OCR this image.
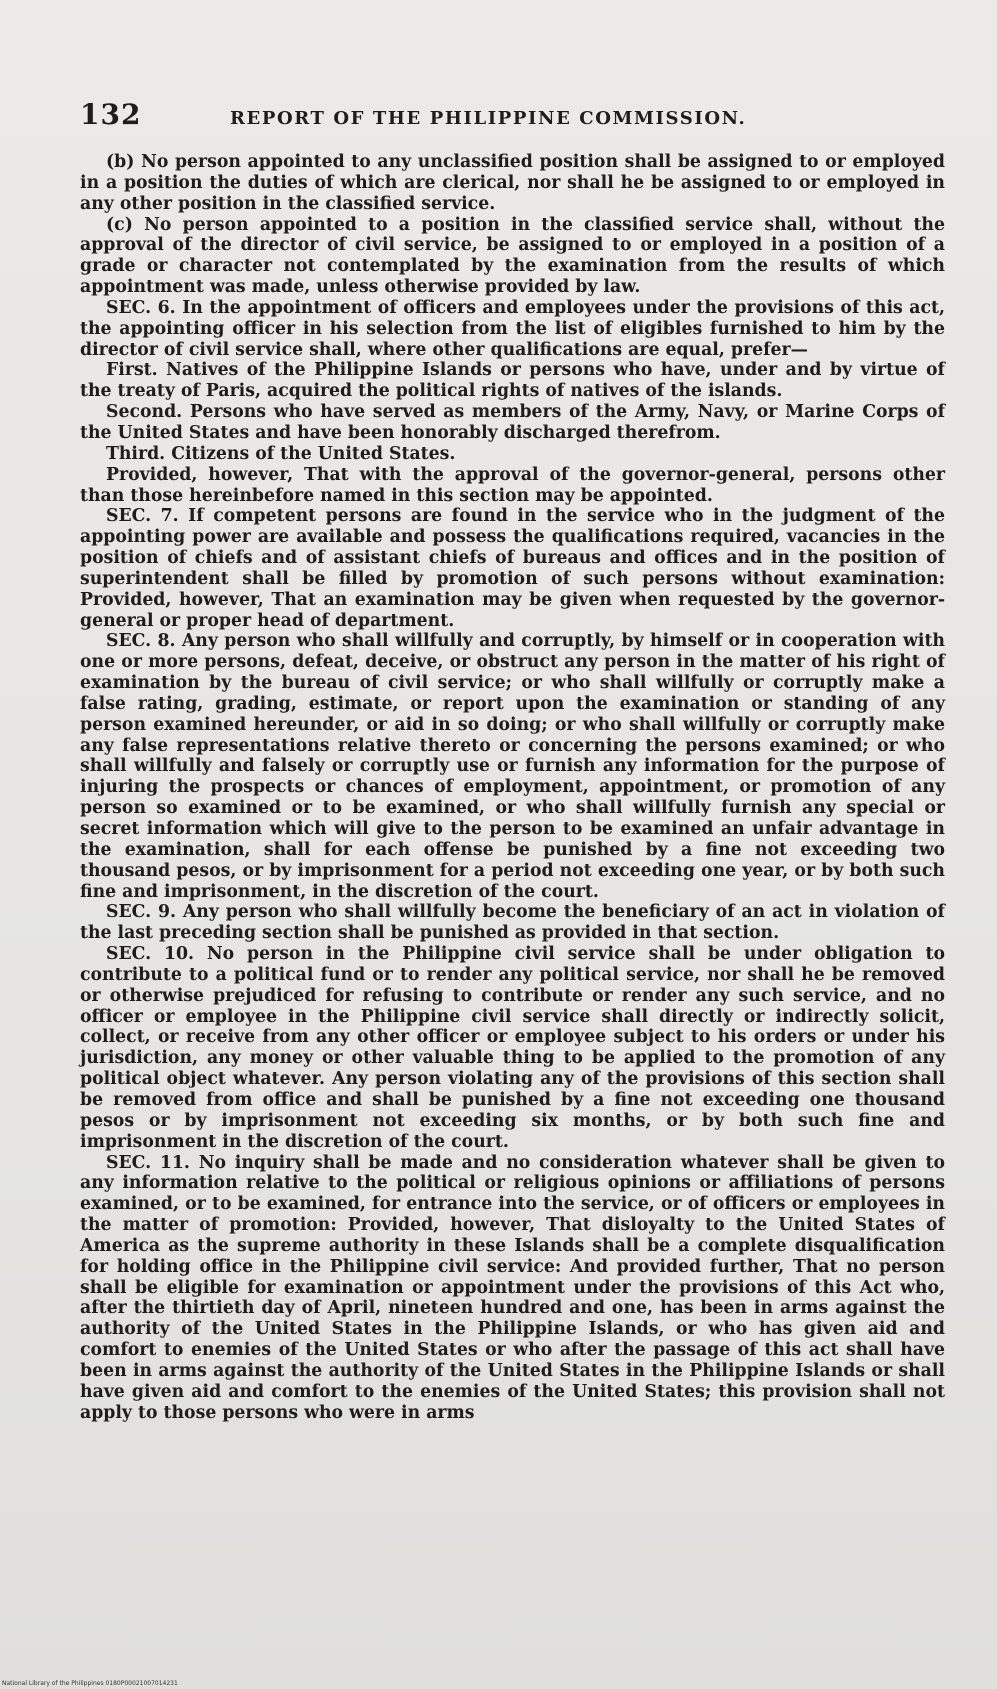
132	REPORT OF THE PHILIPPINE COMMISSION.

(b) No person appointed to any unclassified position shall be assigned to or employed in a position the duties of which are clerical, nor shall he be assigned to or employed in any other position in the classified service.

(c) No person appointed to a position in the classified service shall, without the approval of the director of civil service, be assigned to or employed in a position of a grade or character not contemplated by the examination from the results of which appointment was made, unless otherwise provided by law.

SEC. 6. In the appointment of officers and employees under the provisions of this act, the appointing officer in his selection from the list of eligibles furnished to him by the director of civil service shall, where other qualifications are equal, prefer—

First. Natives of the Philippine Islands or persons who have, under and by virtue of the treaty of Paris, acquired the political rights of natives of the islands.

Second. Persons who have served as members of the Army, Navy, or Marine Corps of the United States and have been honorably discharged therefrom.

Third. Citizens of the United States.

Provided, however, That with the approval of the governor-general, persons other than those hereinbefore named in this section may be appointed.

SEC. 7. If competent persons are found in the service who in the judgment of the appointing power are available and possess the qualifications required, vacancies in the position of chiefs and of assistant chiefs of bureaus and offices and in the position of superintendent shall be filled by promotion of such persons without examination: Provided, however, That an examination may be given when requested by the governor-general or proper head of department.

SEC. 8. Any person who shall willfully and corruptly, by himself or in cooperation with one or more persons, defeat, deceive, or obstruct any person in the matter of his right of examination by the bureau of civil service; or who shall willfully or corruptly make a false rating, grading, estimate, or report upon the examination or standing of any person examined hereunder, or aid in so doing; or who shall willfully or corruptly make any false representations relative thereto or concerning the persons examined; or who shall willfully and falsely or corruptly use or furnish any information for the purpose of injuring the prospects or chances of employment, appointment, or promotion of any person so examined or to be examined, or who shall willfully furnish any special or secret information which will give to the person to be examined an unfair advantage in the examination, shall for each offense be punished by a fine not exceeding two thousand pesos, or by imprisonment for a period not exceeding one year, or by both such fine and imprisonment, in the discretion of the court.

SEC. 9. Any person who shall willfully become the beneficiary of an act in violation of the last preceding section shall be punished as provided in that section.

SEC. 10. No person in the Philippine civil service shall be under obligation to contribute to a political fund or to render any political service, nor shall he be removed or otherwise prejudiced for refusing to contribute or render any such service, and no officer or employee in the Philippine civil service shall directly or indirectly solicit, collect, or receive from any other officer or employee subject to his orders or under his jurisdiction, any money or other valuable thing to be applied to the promotion of any political object whatever. Any person violating any of the provisions of this section shall be removed from office and shall be punished by a fine not exceeding one thousand pesos or by imprisonment not exceeding six months, or by both such fine and imprisonment in the discretion of the court.

SEC. 11. No inquiry shall be made and no consideration whatever shall be given to any information relative to the political or religious opinions or affiliations of persons examined, or to be examined, for entrance into the service, or of officers or employees in the matter of promotion: Provided, however, That disloyalty to the United States of America as the supreme authority in these Islands shall be a complete disqualification for holding office in the Philippine civil service: And provided further, That no person shall be eligible for examination or appointment under the provisions of this Act who, after the thirtieth day of April, nineteen hundred and one, has been in arms against the authority of the United States in the Philippine Islands, or who has given aid and comfort to enemies of the United States or who after the passage of this act shall have been in arms against the authority of the United States in the Philippine Islands or shall have given aid and comfort to the enemies of the United States; this provision shall not apply to those persons who were in arms

National Library of the Philippines 0180P00021007014231
